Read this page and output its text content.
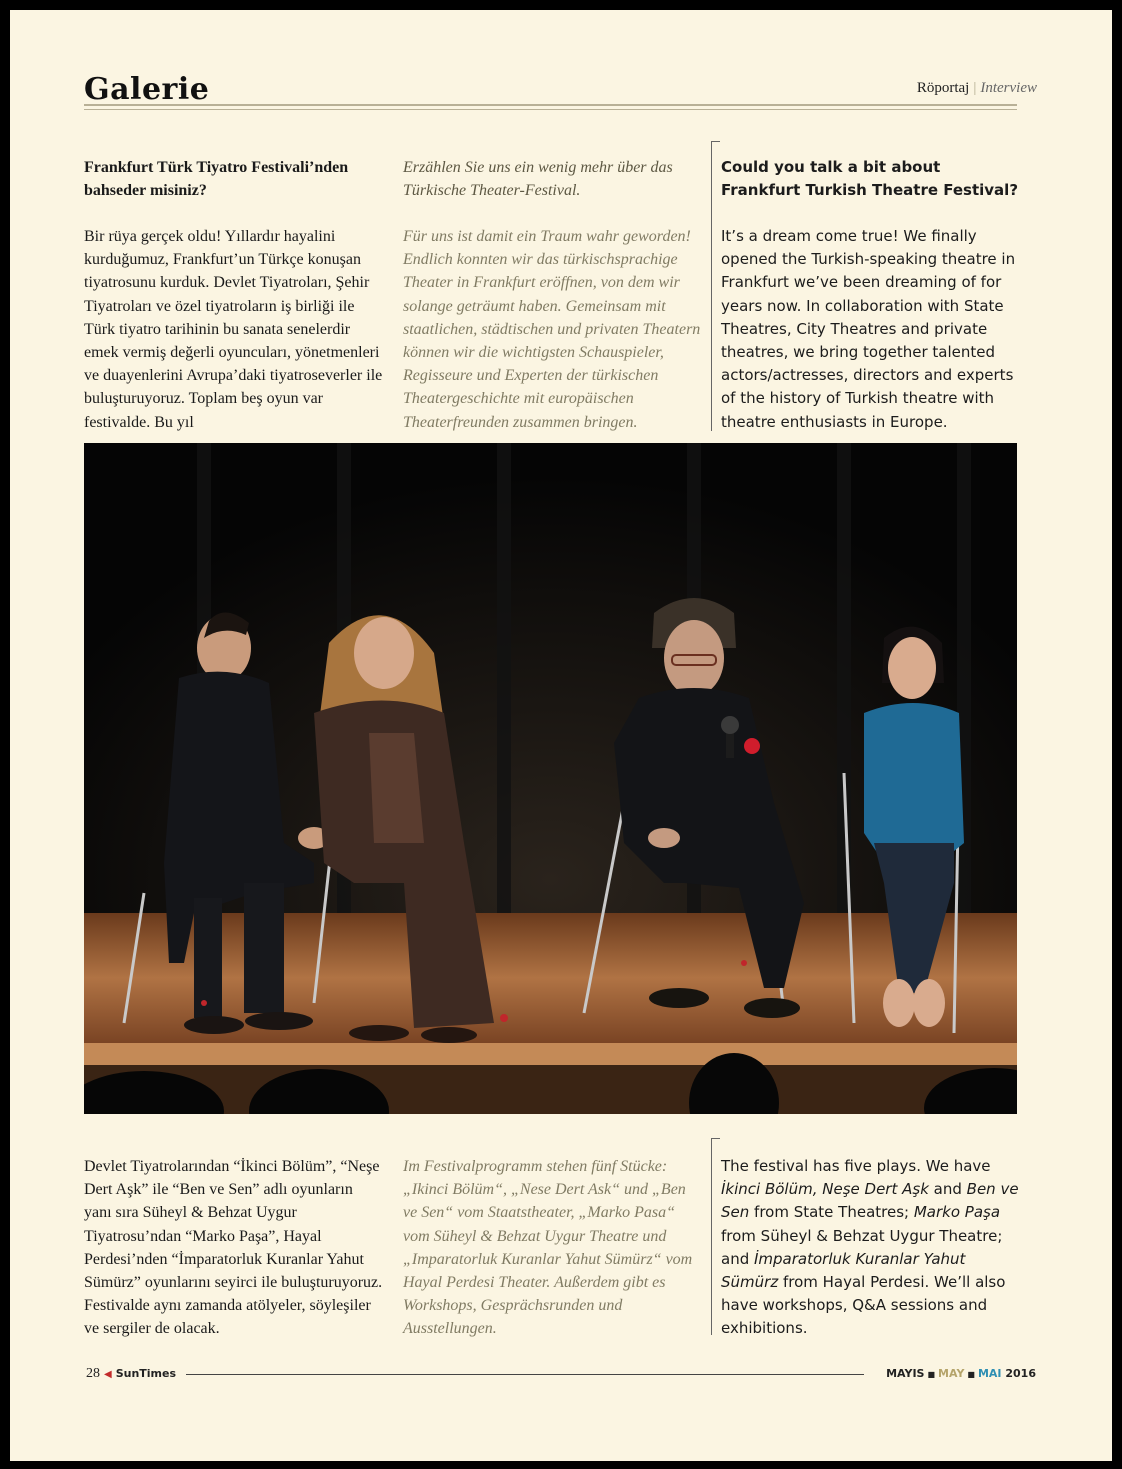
Galerie	Röportaj | Interview
Frankfurt Türk Tiyatro Festivali’nden bahseder misiniz?
Bir rüya gerçek oldu! Yıllardır hayalini kurduğumuz, Frankfurt’un Türkçe konuşan tiyatrosunu kurduk. Devlet Tiyatroları, Şehir Tiyatroları ve özel tiyatroların iş birliği ile Türk tiyatro tarihinin bu sanata senelerdir emek vermiş değerli oyuncuları, yönetmenleri ve duayenlerini Avrupa’daki tiyatroseverler ile buluşturuyoruz. Toplam beş oyun var festivalde. Bu yıl
Erzählen Sie uns ein wenig mehr über das Türkische Theater-Festival.
Für uns ist damit ein Traum wahr geworden! Endlich konnten wir das türkischsprachige Theater in Frankfurt eröffnen, von dem wir solange geträumt haben. Gemeinsam mit staatlichen, städtischen und privaten Theatern können wir die wichtigsten Schauspieler, Regisseure und Experten der türkischen Theatergeschichte mit europäischen Theaterfreunden zusammen bringen.
Could you talk a bit about Frankfurt Turkish Theatre Festival?
It’s a dream come true! We finally opened the Turkish-speaking theatre in Frankfurt we’ve been dreaming of for years now. In collaboration with State Theatres, City Theatres and private theatres, we bring together talented actors/actresses, directors and experts of the history of Turkish theatre with theatre enthusiasts in Europe.
Devlet Tiyatrolarından “İkinci Bölüm”, “Neşe Dert Aşk” ile “Ben ve Sen” adlı oyunların yanı sıra Süheyl & Behzat Uygur Tiyatrosu’ndan “Marko Paşa”, Hayal Perdesi’nden “İmparatorluk Kuranlar Yahut Sümürz” oyunlarını seyirci ile buluşturuyoruz. Festivalde aynı zamanda atölyeler, söyleşiler ve sergiler de olacak.
Im Festivalprogramm stehen fünf Stücke: „Ikinci Bölüm“, „Nese Dert Ask“ und „Ben ve Sen“ vom Staatstheater, „Marko Pasa“ vom Süheyl & Behzat Uygur Theatre und „Imparatorluk Kuranlar Yahut Sümürz“ vom Hayal Perdesi Theater. Außerdem gibt es Workshops, Gesprächsrunden und Ausstellungen.
The festival has five plays. We have İkinci Bölüm, Neşe Dert Aşk and Ben ve Sen from State Theatres; Marko Paşa from Süheyl & Behzat Uygur Theatre; and İmparatorluk Kuranlar Yahut Sümürz from Hayal Perdesi. We’ll also have workshops, Q&A sessions and exhibitions.
28 ◀ SunTimes	MAYIS ■ MAY ■ MAI 2016
